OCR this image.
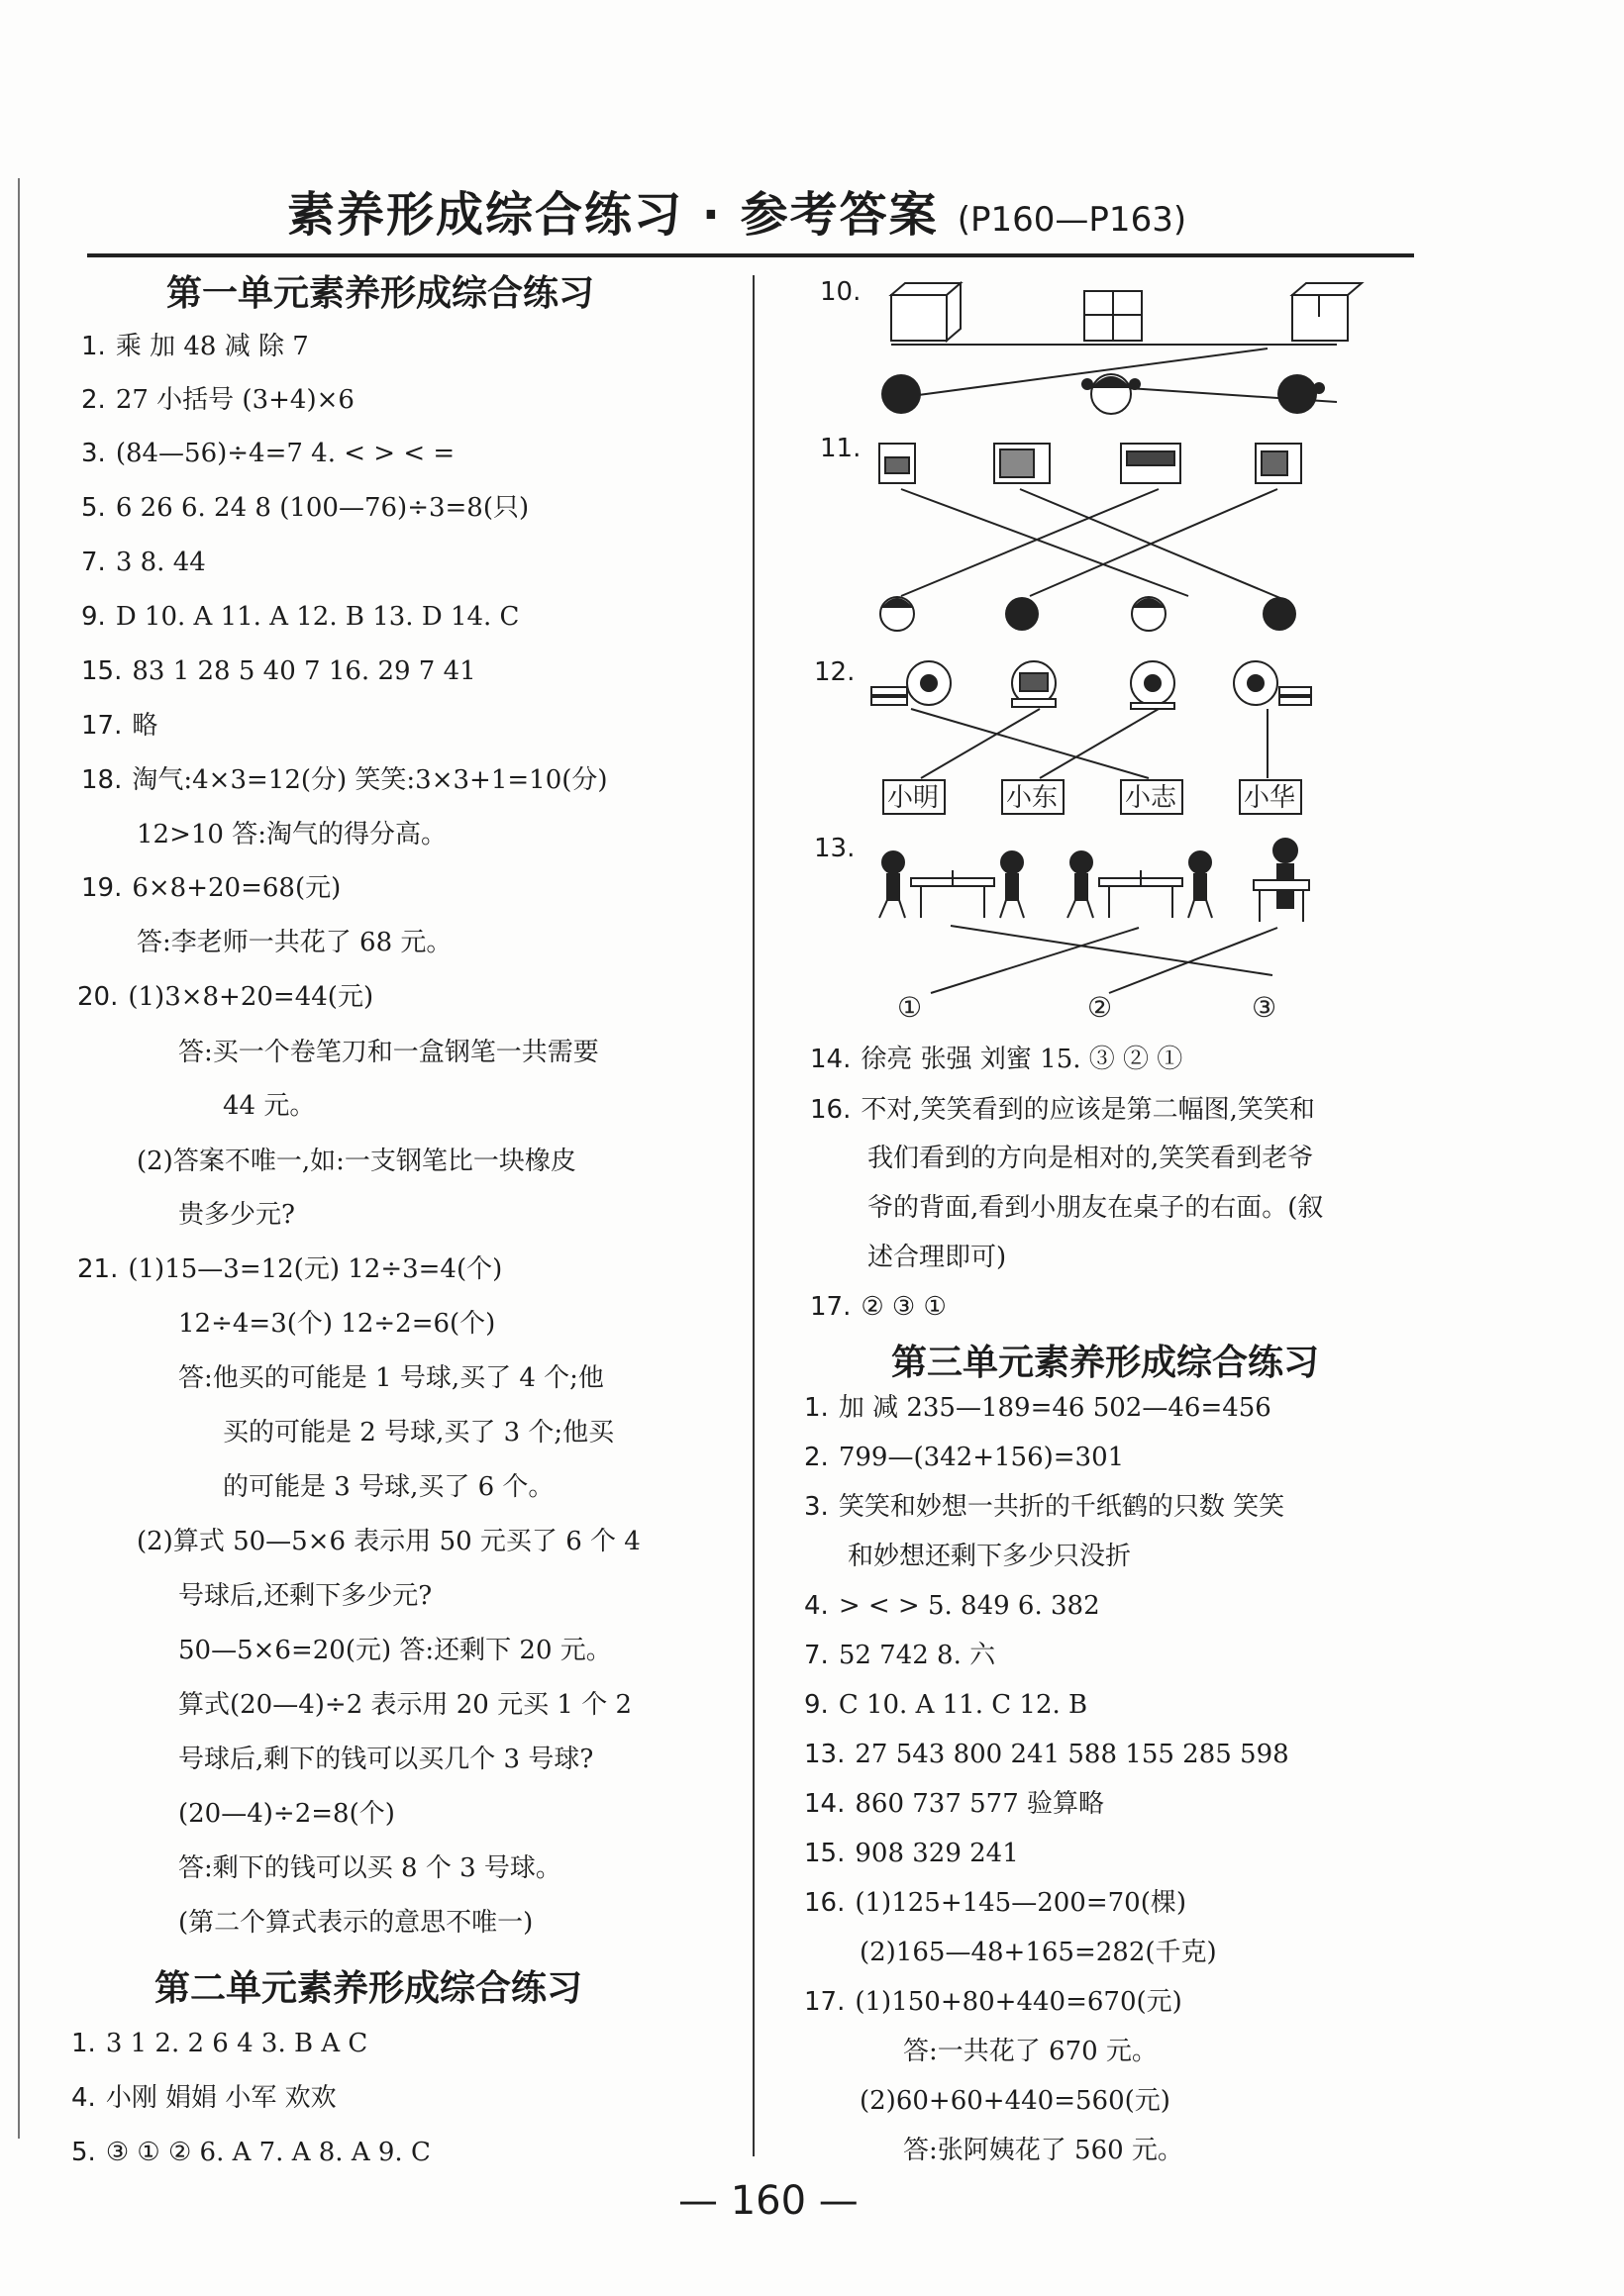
素养形成综合练习 · 参考答案 (P160—P163)
第一单元素养形成综合练习
1. 乘 加 48 减 除 7
2. 27 小括号 (3+4)×6
3. (84—56)÷4=7 4. < > < =
5. 6 26 6. 24 8 (100—76)÷3=8(只)
7. 3 8. 44
9. D 10. A 11. A 12. B 13. D 14. C
15. 83 1 28 5 40 7 16. 29 7 41
17. 略
18. 淘气:4×3=12(分) 笑笑:3×3+1=10(分)
12>10 答:淘气的得分高。
19. 6×8+20=68(元)
答:李老师一共花了 68 元。
20. (1)3×8+20=44(元)
答:买一个卷笔刀和一盒钢笔一共需要
44 元。
(2)答案不唯一,如:一支钢笔比一块橡皮
贵多少元?
21. (1)15—3=12(元) 12÷3=4(个)
12÷4=3(个) 12÷2=6(个)
答:他买的可能是 1 号球,买了 4 个;他
买的可能是 2 号球,买了 3 个;他买
的可能是 3 号球,买了 6 个。
(2)算式 50—5×6 表示用 50 元买了 6 个 4
号球后,还剩下多少元?
50—5×6=20(元) 答:还剩下 20 元。
算式(20—4)÷2 表示用 20 元买 1 个 2
号球后,剩下的钱可以买几个 3 号球?
(20—4)÷2=8(个)
答:剩下的钱可以买 8 个 3 号球。
(第二个算式表示的意思不唯一)
第二单元素养形成综合练习
1. 3 1 2. 2 6 4 3. B A C
4. 小刚 娟娟 小军 欢欢
5. ③ ① ② 6. A 7. A 8. A 9. C
10.
11.
12.
小明	小东	小志	小华
13.
①	②	③
14. 徐亮 张强 刘蜜 15. ③ ② ①
16. 不对,笑笑看到的应该是第二幅图,笑笑和
我们看到的方向是相对的,笑笑看到老爷
爷的背面,看到小朋友在桌子的右面。(叙
述合理即可)
17. ② ③ ①
第三单元素养形成综合练习
1. 加 减 235—189=46 502—46=456
2. 799—(342+156)=301
3. 笑笑和妙想一共折的千纸鹤的只数 笑笑
和妙想还剩下多少只没折
4. > < > 5. 849 6. 382
7. 52 742 8. 六
9. C 10. A 11. C 12. B
13. 27 543 800 241 588 155 285 598
14. 860 737 577 验算略
15. 908 329 241
16. (1)125+145—200=70(棵)
(2)165—48+165=282(千克)
17. (1)150+80+440=670(元)
答:一共花了 670 元。
(2)60+60+440=560(元)
答:张阿姨花了 560 元。
— 160 —
